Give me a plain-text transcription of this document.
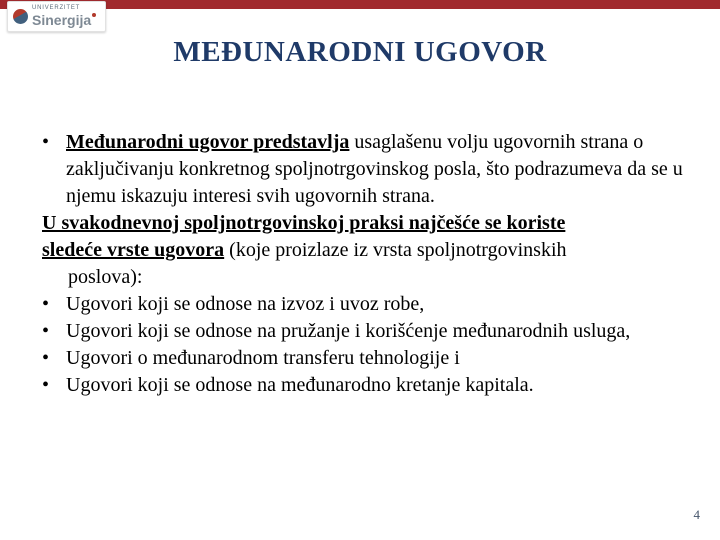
UNIVERZITET
Sinergija
MEĐUNARODNI UGOVOR
• Međunarodni ugovor predstavlja usaglašenu volju ugovornih strana o zaključivanju konkretnog spoljnotrgovinskog posla, što podrazumeva da se u njemu iskazuju interesi svih ugovornih strana.
U svakodnevnoj spoljnotrgovinskoj praksi najčešće se koriste
sledeće vrste ugovora (koje proizlaze iz vrsta spoljnotrgovinskih
poslova):
• Ugovori koji se odnose na izvoz i uvoz robe,
• Ugovori koji se odnose na pružanje i korišćenje međunarodnih usluga,
• Ugovori o međunarodnom transferu tehnologije i
• Ugovori koji se odnose na međunarodno kretanje kapitala.
4
